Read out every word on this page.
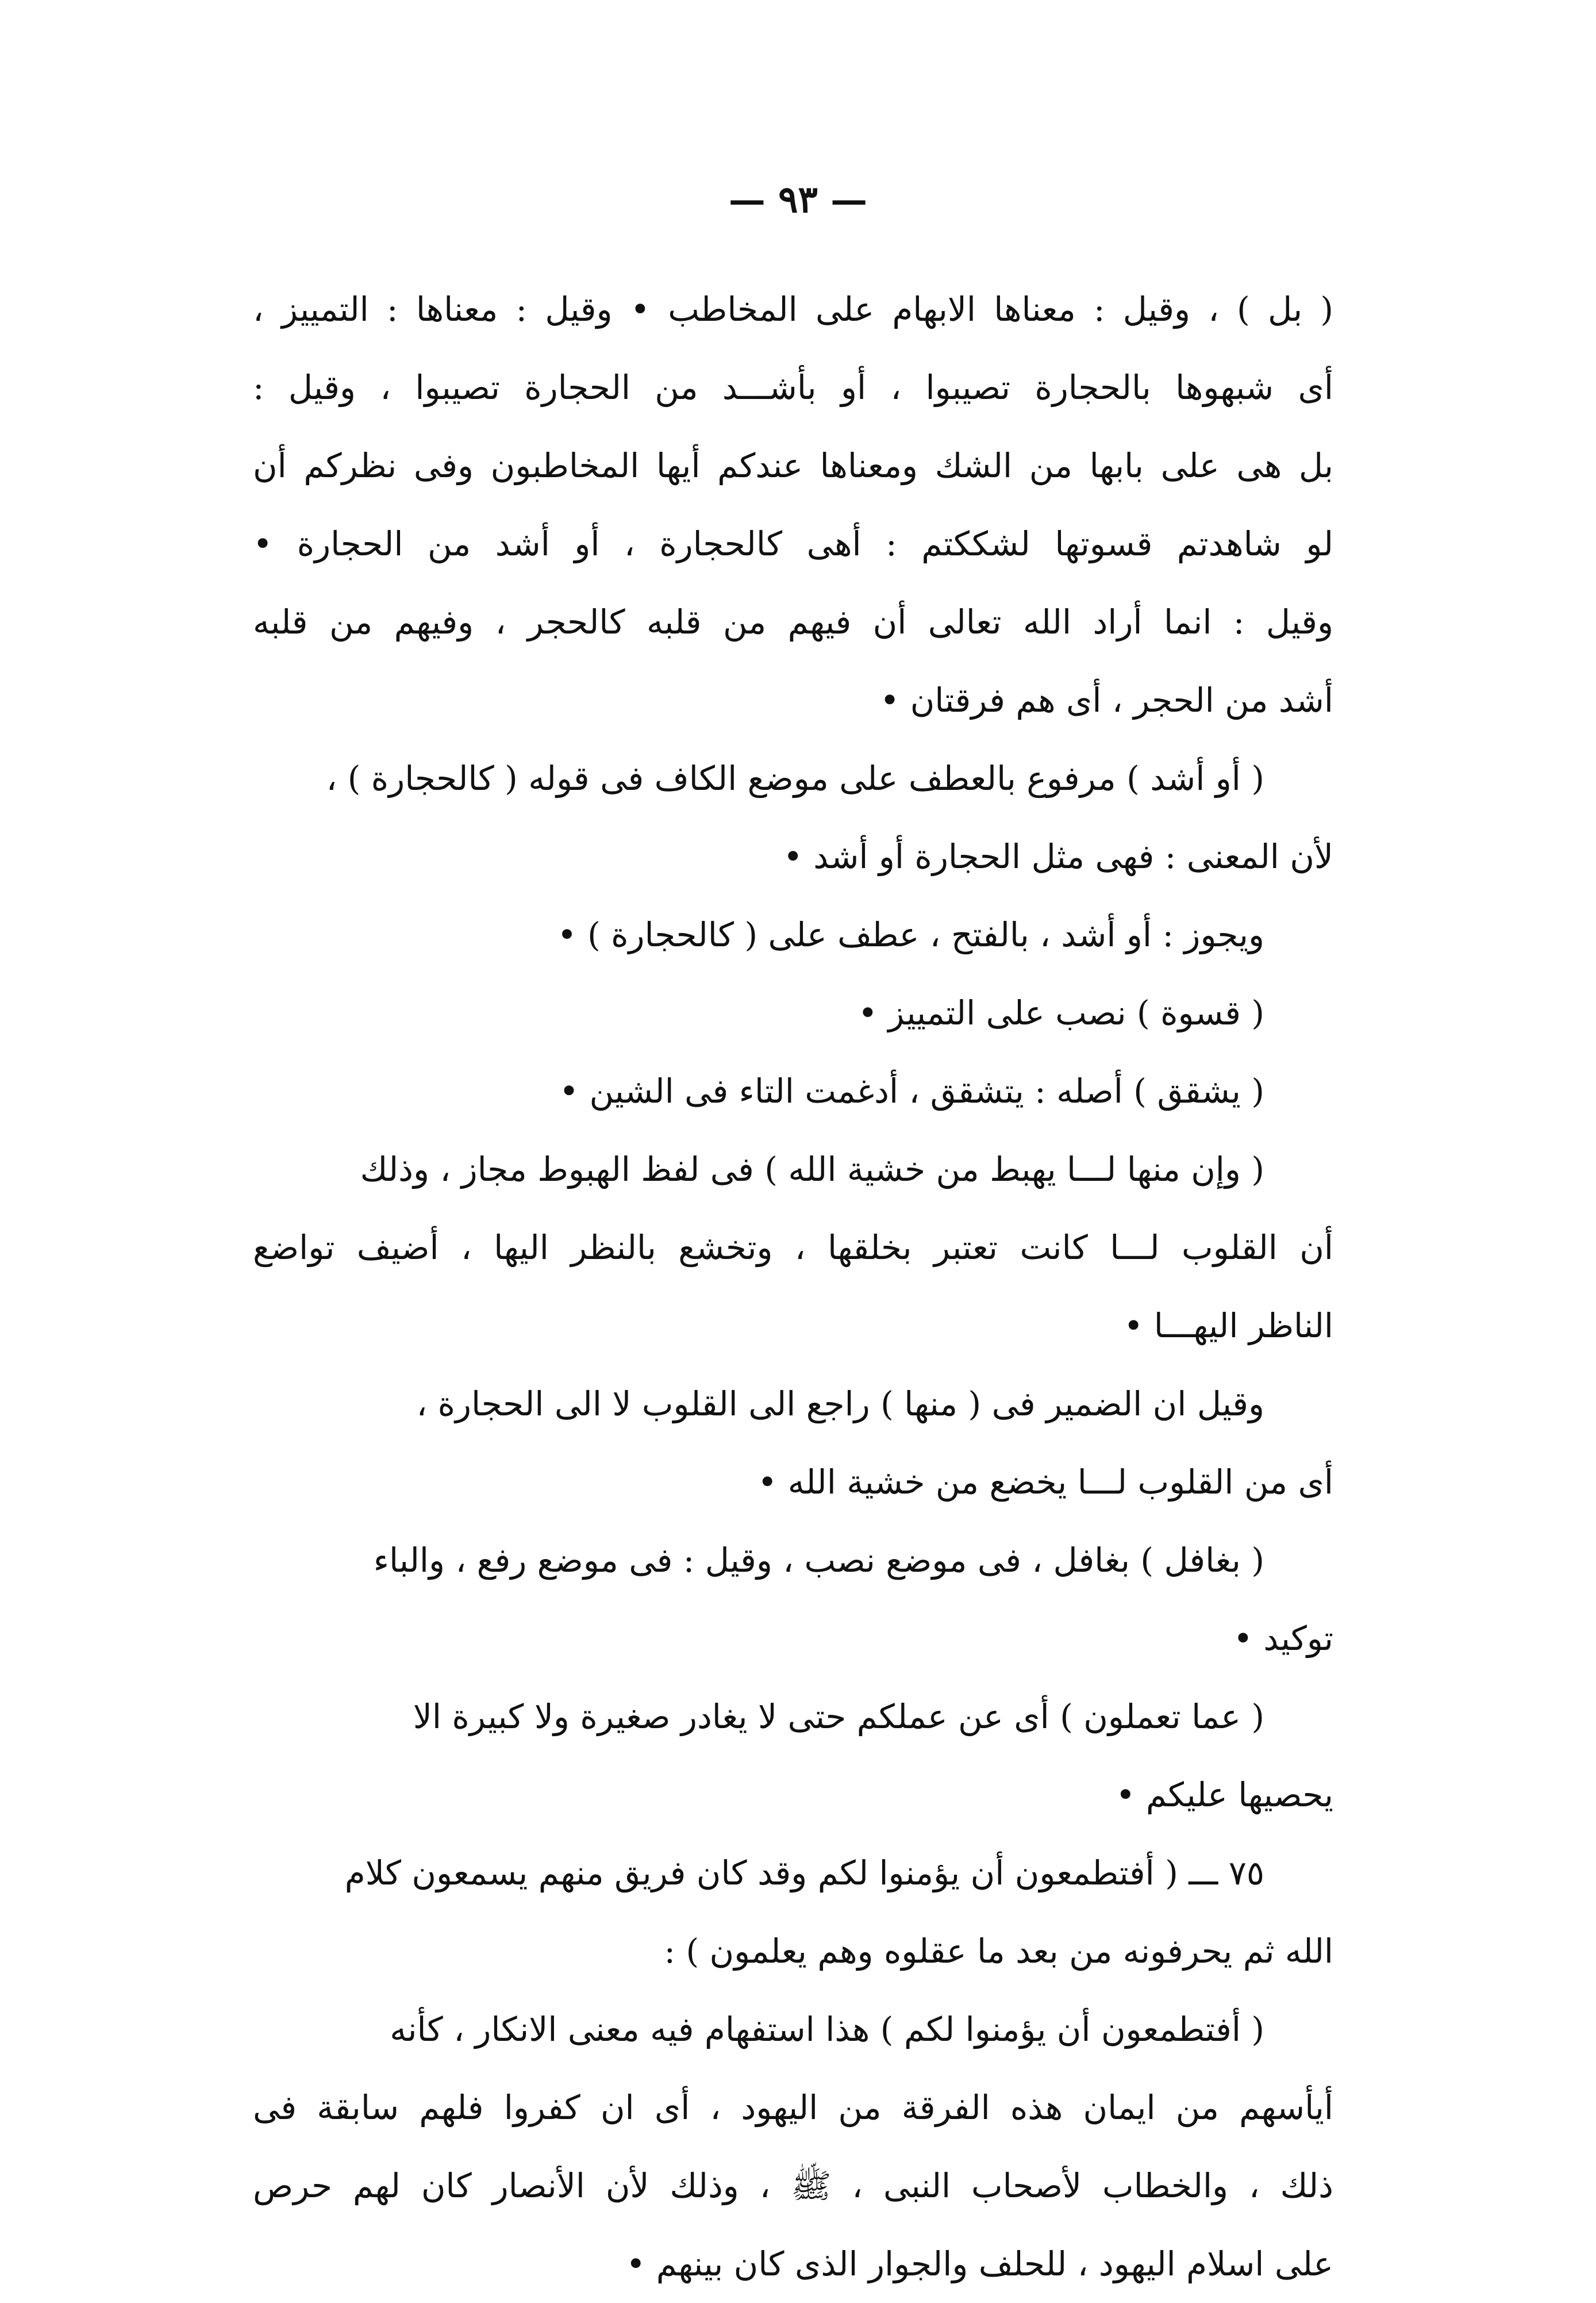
— ٩٣ —
( بل ) ، وقيل : معناها الابهام على المخاطب • وقيل : معناها : التمييز ،
أى شبهوها بالحجارة تصيبوا ، أو بأشـــد من الحجارة تصيبوا ، وقيل :
بل هى على بابها من الشك ومعناها عندكم أيها المخاطبون وفى نظركم أن
لو شاهدتم قسوتها لشككتم : أهى كالحجارة ، أو أشد من الحجارة •
وقيل : انما أراد الله تعالى أن فيهم من قلبه كالحجر ، وفيهم من قلبه
أشد من الحجر ، أى هم فرقتان •
( أو أشد ) مرفوع بالعطف على موضع الكاف فى قوله ( كالحجارة ) ،
لأن المعنى : فهى مثل الحجارة أو أشد •
ويجوز : أو أشد ، بالفتح ، عطف على ( كالحجارة ) •
( قسوة ) نصب على التمييز •
( يشقق ) أصله : يتشقق ، أدغمت التاء فى الشين •
( وإن منها لـــا يهبط من خشية الله ) فى لفظ الهبوط مجاز ، وذلك
أن القلوب لـــا كانت تعتبر بخلقها ، وتخشع بالنظر اليها ، أضيف تواضع
الناظر اليهـــا •
وقيل ان الضمير فى ( منها ) راجع الى القلوب لا الى الحجارة ،
أى من القلوب لـــا يخضع من خشية الله •
( بغافل ) بغافل ، فى موضع نصب ، وقيل : فى موضع رفع ، والباء
توكيد •
( عما تعملون ) أى عن عملكم حتى لا يغادر صغيرة ولا كبيرة الا
يحصيها عليكم •
٧٥ ـــ ( أفتطمعون أن يؤمنوا لكم وقد كان فريق منهم يسمعون كلام
الله ثم يحرفونه من بعد ما عقلوه وهم يعلمون ) :
( أفتطمعون أن يؤمنوا لكم ) هذا استفهام فيه معنى الانكار ، كأنه
أيأسهم من ايمان هذه الفرقة من اليهود ، أى ان كفروا فلهم سابقة فى
ذلك ، والخطاب لأصحاب النبى ، ﷺ ، وذلك لأن الأنصار كان لهم حرص
على اسلام اليهود ، للحلف والجوار الذى كان بينهم •
